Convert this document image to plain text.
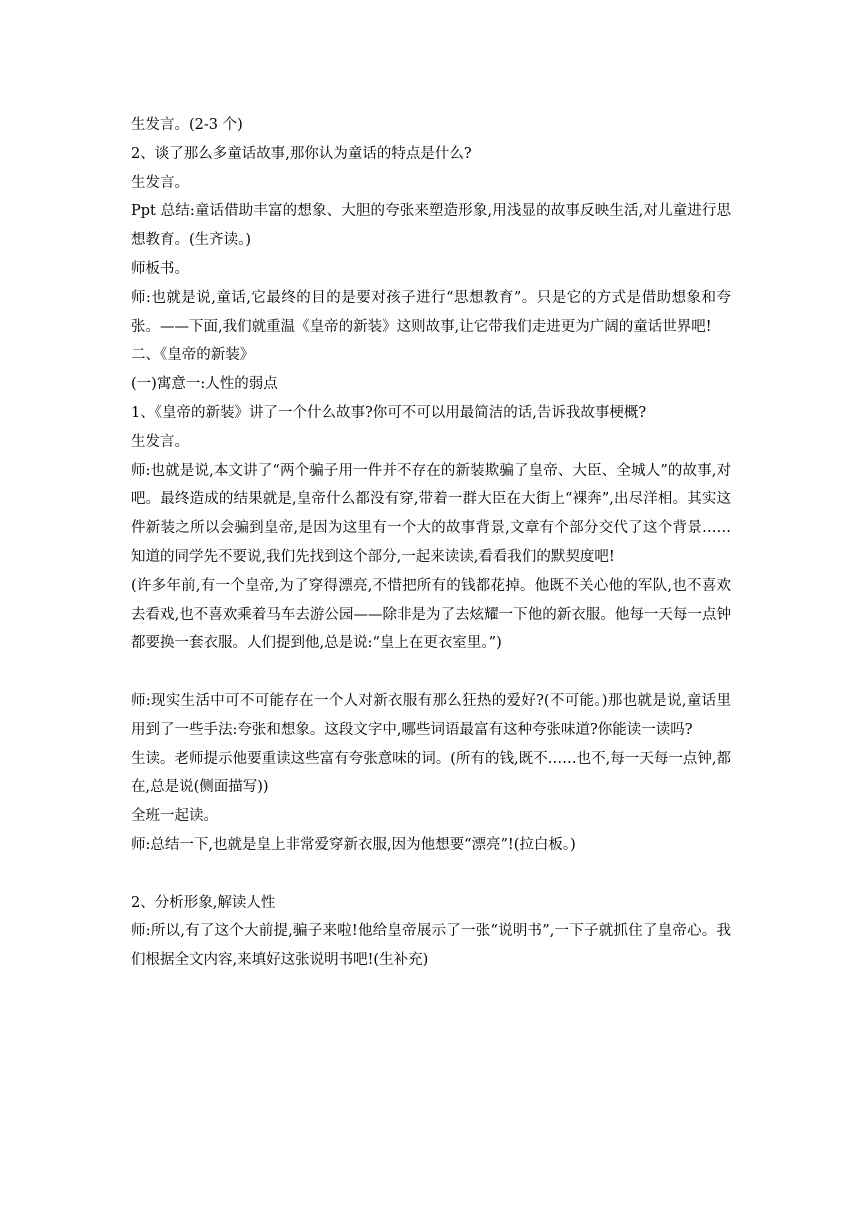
生发言。(2-3 个)

2、谈了那么多童话故事,那你认为童话的特点是什么?

生发言。

Ppt 总结:童话借助丰富的想象、大胆的夸张来塑造形象,用浅显的故事反映生活,对儿童进行思想教育。(生齐读。)

师板书。

师:也就是说,童话,它最终的目的是要对孩子进行“思想教育”。只是它的方式是借助想象和夸张。——下面,我们就重温《皇帝的新装》这则故事,让它带我们走进更为广阔的童话世界吧!

二、《皇帝的新装》

(一)寓意一:人性的弱点

1、《皇帝的新装》讲了一个什么故事?你可不可以用最简洁的话,告诉我故事梗概?

生发言。

师:也就是说,本文讲了“两个骗子用一件并不存在的新装欺骗了皇帝、大臣、全城人”的故事,对吧。最终造成的结果就是,皇帝什么都没有穿,带着一群大臣在大街上“裸奔”,出尽洋相。其实这件新装之所以会骗到皇帝,是因为这里有一个大的故事背景,文章有个部分交代了这个背景……知道的同学先不要说,我们先找到这个部分,一起来读读,看看我们的默契度吧!

(许多年前,有一个皇帝,为了穿得漂亮,不惜把所有的钱都花掉。他既不关心他的军队,也不喜欢去看戏,也不喜欢乘着马车去游公园——除非是为了去炫耀一下他的新衣服。他每一天每一点钟都要换一套衣服。人们提到他,总是说:“皇上在更衣室里。”)

师:现实生活中可不可能存在一个人对新衣服有那么狂热的爱好?(不可能。)那也就是说,童话里用到了一些手法:夸张和想象。这段文字中,哪些词语最富有这种夸张味道?你能读一读吗?

生读。老师提示他要重读这些富有夸张意味的词。(所有的钱,既不……也不,每一天每一点钟,都在,总是说(侧面描写))

全班一起读。

师:总结一下,也就是皇上非常爱穿新衣服,因为他想要“漂亮”!(拉白板。)

2、分析形象,解读人性

师:所以,有了这个大前提,骗子来啦!他给皇帝展示了一张“说明书”,一下子就抓住了皇帝心。我们根据全文内容,来填好这张说明书吧!(生补充)
